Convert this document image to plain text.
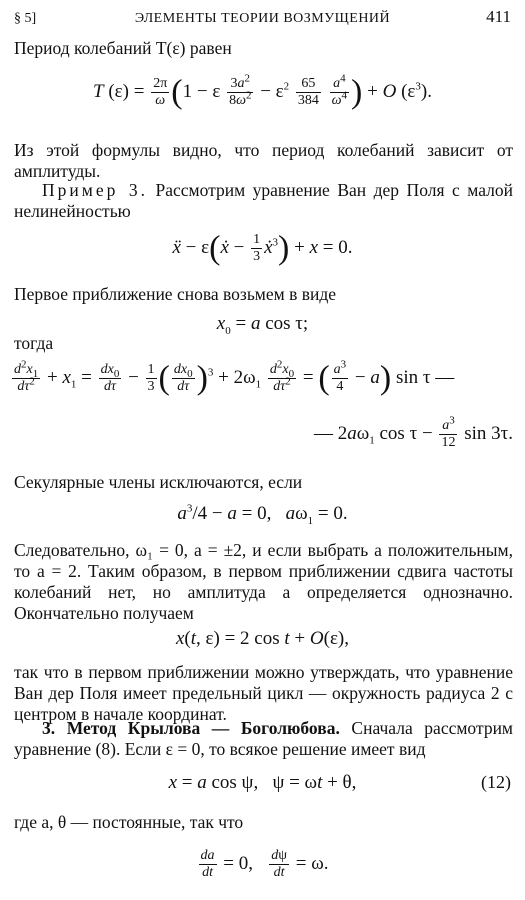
§ 5]	ЭЛЕМЕНТЫ ТЕОРИИ ВОЗМУЩЕНИЙ	411
Период колебаний T(ε) равен
T $(\varepsilon) = \frac{2\pi}{\omega} (1 - \varepsilon \frac{3a^2}{8\omega^2} - \varepsilon^2 \frac{65}{384}$
$\frac{a^4}{\omega^4}$ ) + O $(\varepsilon^3)$.
Из этой формулы видно, что период колебаний зависит от амплитуды.
Пример 3. Рассмотрим уравнение Ван дер Поля с малой нелинейностью
ẍ − ε(ẋ − $\frac{1}{3}$ ẋ$^3$) + x = 0.
Первое приближение снова возьмем в виде
$x_0 = a$ cos τ;
тогда
$\frac{d^2x_1}{d\tau^2} + x_1 = \frac{dx_0}{d\tau} - \frac{1}{3}$ ( $\frac{dx_0}{d\tau} )^3 + 2\omega_1 \frac{d^2x_0}{d\tau^2}$ = ( $\frac{a^3}{4} - a$) sin τ —
— $2a\omega_1$ $\cos \tau - \frac{a^3}{12}$ sin 3τ.
Секулярные члены исключаются, если
$a^3/4 - a = 0$,   $a\omega_1 = 0$.
Следовательно, ω₁ = 0, a = ±2, и если выбрать a положительным, то a = 2. Таким образом, в первом приближении сдвига частоты колебаний нет, но амплитуда a определяется однозначно. Окончательно получаем
x(t, ε) = 2 cos t + O(ε),
так что в первом приближении можно утверждать, что уравнение Ван дер Поля имеет предельный цикл — окружность радиуса 2 с центром в начале координат.
3. Метод Крылова — Боголюбова. Сначала рассмотрим уравнение (8). Если ε = 0, то всякое решение имеет вид
x = a cos ψ,   ψ = ωt + θ,	(12)
где a, θ — постоянные, так что
$\frac{da}{dt} = 0$, $\frac{d\psi}{dt} = \omega$.
